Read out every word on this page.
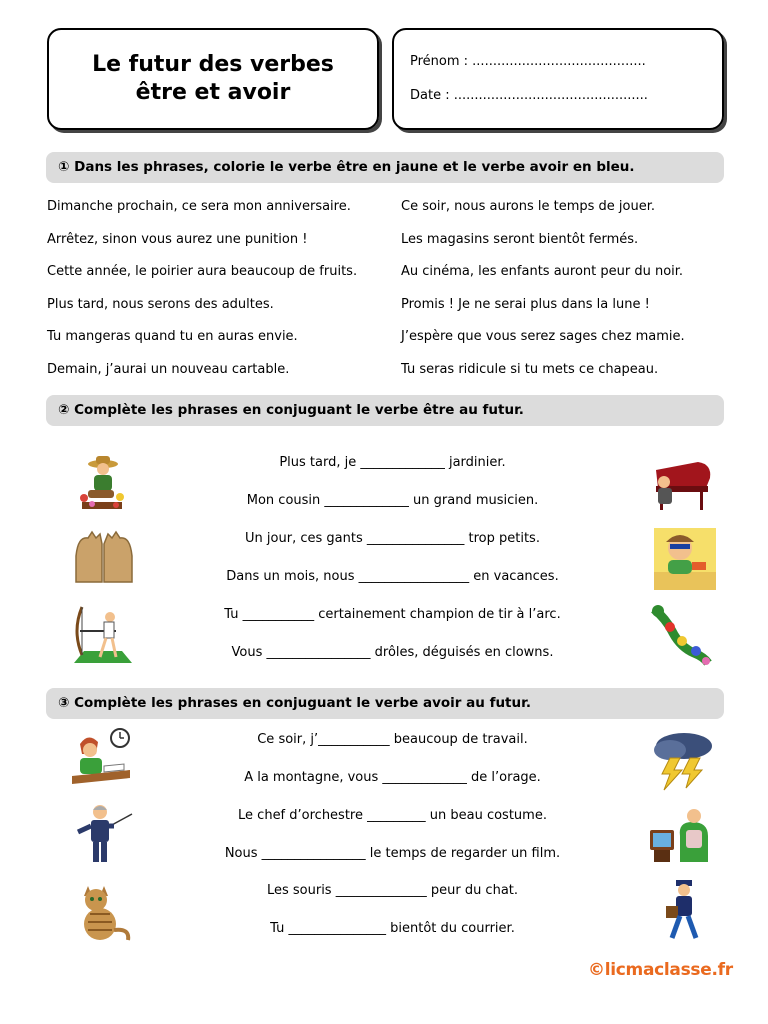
Le futur des verbes
être et avoir
Prénom : ..........................................
Date : ...............................................
① Dans les phrases, colorie le verbe être en jaune et le verbe avoir en bleu.
Dimanche prochain, ce sera mon anniversaire.
Arrêtez, sinon vous aurez une punition !
Cette année, le poirier aura beaucoup de fruits.
Plus tard, nous serons des adultes.
Tu mangeras quand tu en auras envie.
Demain, j’aurai un nouveau cartable.
Ce soir, nous aurons le temps de jouer.
Les magasins seront bientôt fermés.
Au cinéma, les enfants auront peur du noir.
Promis ! Je ne serai plus dans la lune !
J’espère que vous serez sages chez mamie.
Tu seras ridicule si tu mets ce chapeau.
② Complète les phrases en conjuguant le verbe être au futur.
Plus tard, je _____________ jardinier.
Mon cousin _____________ un grand musicien.
Un jour, ces gants _______________ trop petits.
Dans un mois, nous _________________ en vacances.
Tu ___________ certainement champion de tir à l’arc.
Vous ________________ drôles, déguisés en clowns.
③ Complète les phrases en conjuguant le verbe avoir au futur.
Ce soir, j’___________ beaucoup de travail.
A la montagne, vous _____________ de l’orage.
Le chef d’orchestre _________ un beau costume.
Nous ________________ le temps de regarder un film.
Les souris ______________ peur du chat.
Tu _______________ bientôt du courrier.
©licmaclasse.fr
